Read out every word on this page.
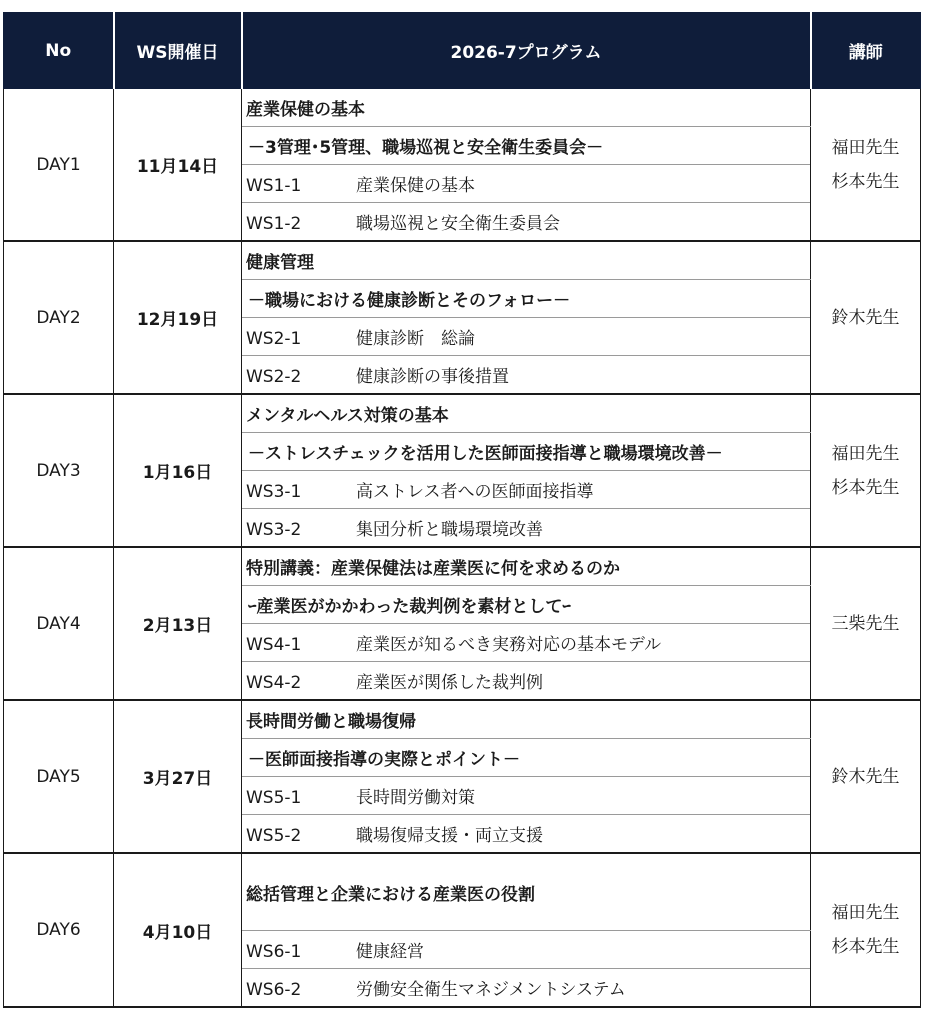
No	WS開催日	2026-7プログラム	講師
DAY1	11月14日	産業保健の基本	福田先生
杉本先生

		－3管理･5管理、職場巡視と安全衛生委員会－	
		WS1-1 産業保健の基本	
		WS1-2 職場巡視と安全衛生委員会	
DAY2	12月19日	健康管理	鈴木先生

		－職場における健康診断とそのフォロー－	
		WS2-1 健康診断　総論	
		WS2-2 健康診断の事後措置	
DAY3	1月16日	メンタルヘルス対策の基本	福田先生
杉本先生

		－ストレスチェックを活用した医師面接指導と職場環境改善－	
		WS3-1 高ストレス者への医師面接指導	
		WS3-2 集団分析と職場環境改善	
DAY4	2月13日	特別講義：産業保健法は産業医に何を求めるのか	三柴先生

		ｰ産業医がかかわった裁判例を素材としてｰ	
		WS4-1 産業医が知るべき実務対応の基本モデル	
		WS4-2 産業医が関係した裁判例	
DAY5	3月27日	長時間労働と職場復帰	鈴木先生

		－医師面接指導の実際とポイント－	
		WS5-1 長時間労働対策	
		WS5-2 職場復帰支援・両立支援	
DAY6	4月10日	総括管理と企業における産業医の役割	福田先生
杉本先生

		WS6-1 健康経営	
		WS6-2 労働安全衛生マネジメントシステム	
